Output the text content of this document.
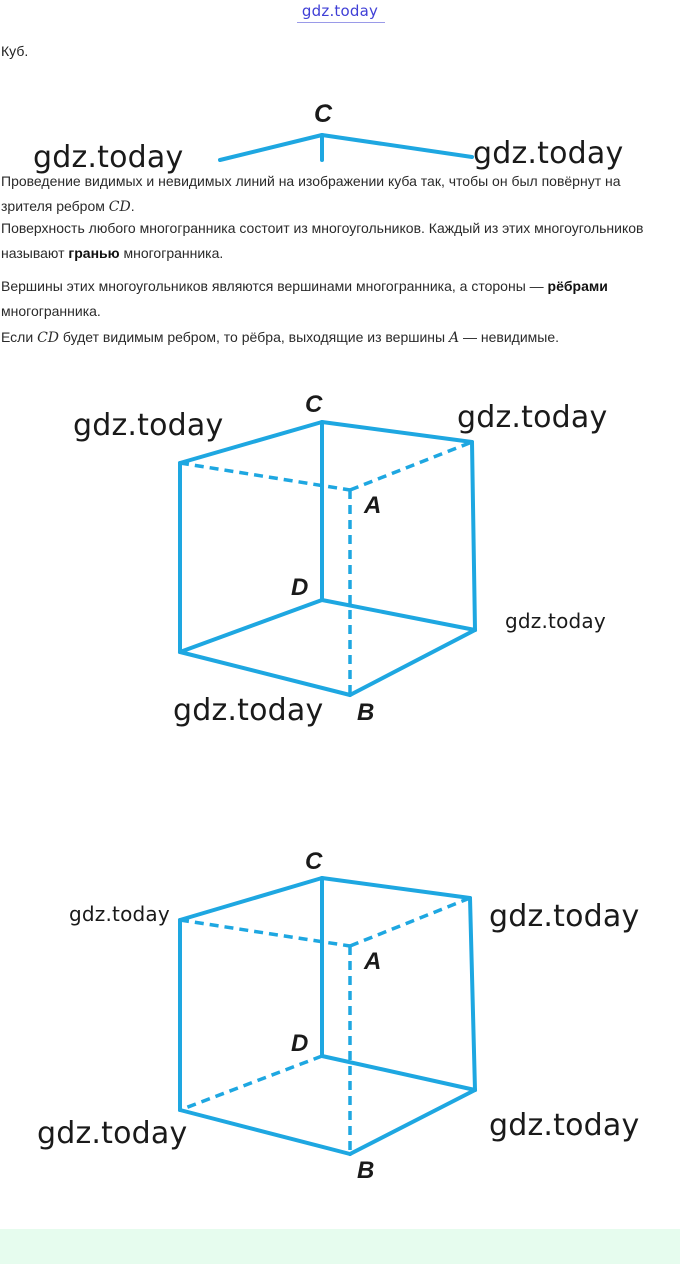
gdz.today
Куб.
C
gdz.today	gdz.today
Проведение видимых и невидимых линий на изображении куба так, чтобы он был повёрнут на зрителя ребром CD.
Поверхность любого многогранника состоит из многоугольников. Каждый из этих многоугольников называют гранью многогранника.
Вершины этих многоугольников являются вершинами многогранника, а стороны — рёбрами многогранника.
Если CD будет видимым ребром, то рёбра, выходящие из вершины A — невидимые.
C
A
D
B
gdz.today	gdz.today
gdz.today
gdz.today
C
A
D
B
gdz.today	gdz.today
gdz.today	gdz.today
